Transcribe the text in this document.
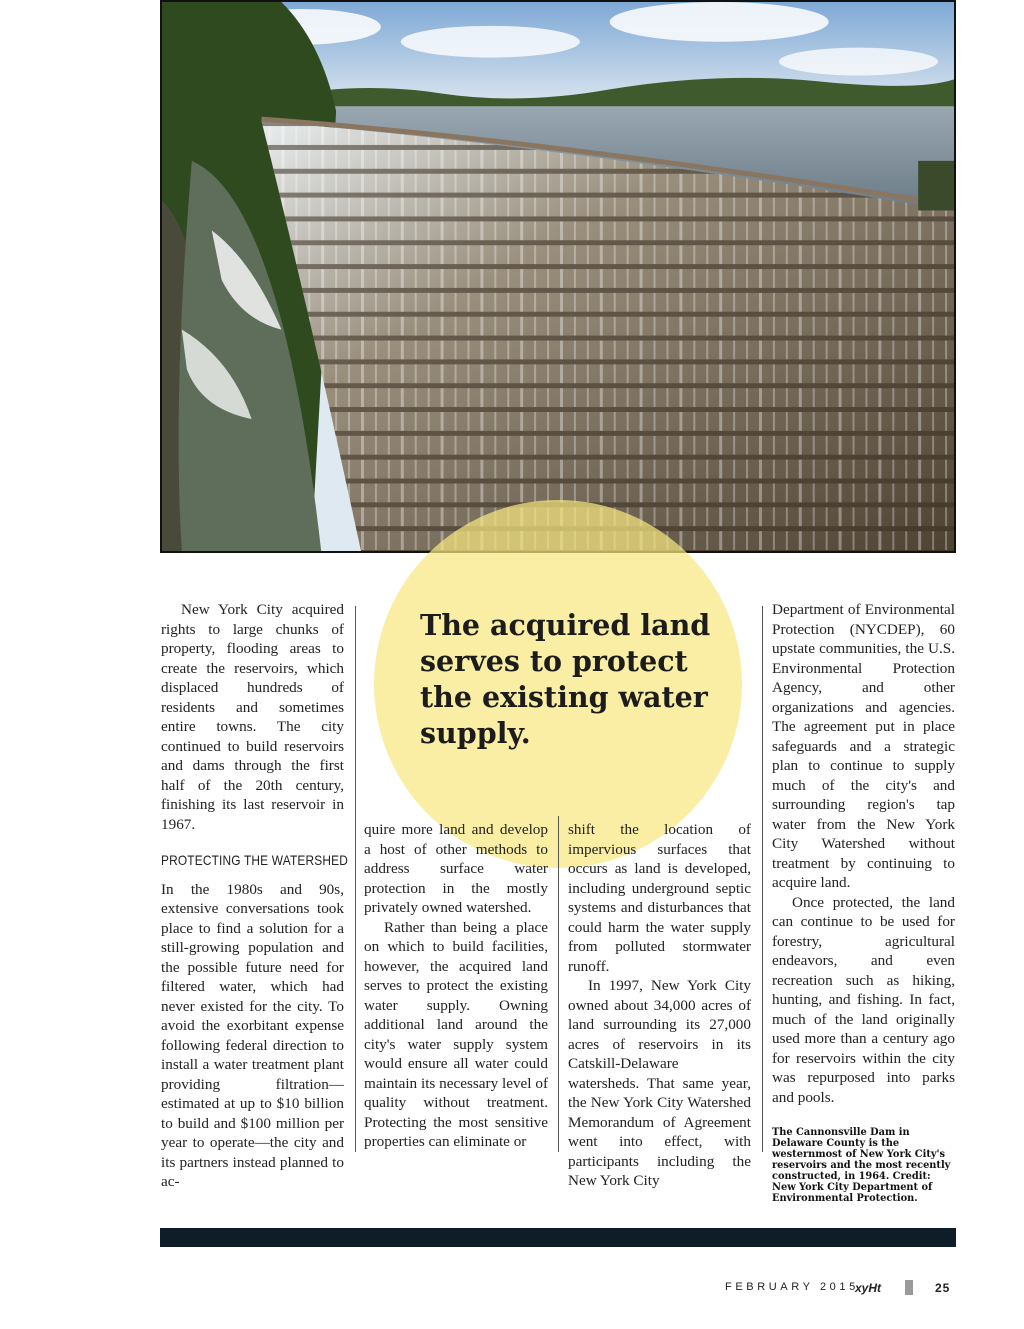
The acquired land serves to protect the existing water supply.

New York City acquired rights to large chunks of property, flooding areas to create the reservoirs, which displaced hundreds of residents and sometimes entire towns. The city continued to build reservoirs and dams through the first half of the 20th century, finishing its last reservoir in 1967.

PROTECTING THE WATERSHED

In the 1980s and 90s, extensive conversations took place to find a solution for a still-growing population and the possible future need for filtered water, which had never existed for the city. To avoid the exorbitant expense following federal direction to install a water treatment plant providing filtration—estimated at up to $10 billion to build and $100 million per year to operate—the city and its partners instead planned to ac-

quire more land and develop a host of other methods to address surface water protection in the mostly privately owned watershed.

Rather than being a place on which to build facilities, however, the acquired land serves to protect the existing water supply. Owning additional land around the city's water supply system would ensure all water could maintain its necessary level of quality without treatment. Protecting the most sensitive properties can eliminate or

shift the location of impervious surfaces that occurs as land is developed, including underground septic systems and disturbances that could harm the water supply from polluted stormwater runoff.

In 1997, New York City owned about 34,000 acres of land surrounding its 27,000 acres of reservoirs in its Catskill-Delaware watersheds. That same year, the New York City Watershed Memorandum of Agreement went into effect, with participants including the New York City

Department of Environmental Protection (NYCDEP), 60 upstate communities, the U.S. Environmental Protection Agency, and other organizations and agencies. The agreement put in place safeguards and a strategic plan to continue to supply much of the city's and surrounding region's tap water from the New York City Watershed without treatment by continuing to acquire land.

Once protected, the land can continue to be used for forestry, agricultural endeavors, and even recreation such as hiking, hunting, and fishing. In fact, much of the land originally used more than a century ago for reservoirs within the city was repurposed into parks and pools.

The Cannonsville Dam in Delaware County is the westernmost of New York City's reservoirs and the most recently constructed, in 1964. Credit: New York City Department of Environmental Protection.
FEBRUARY 2015
xyHt	25
